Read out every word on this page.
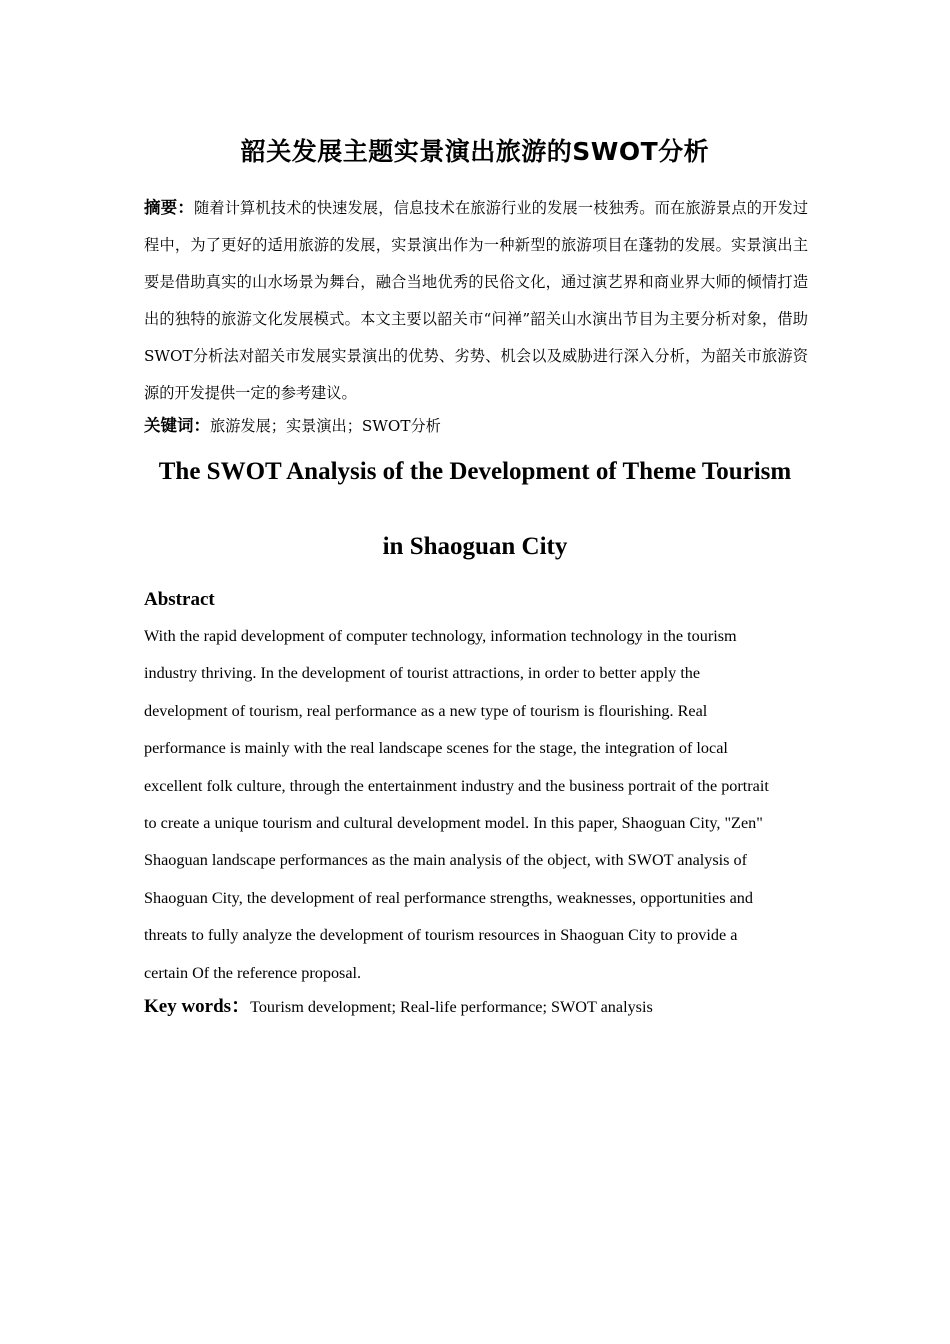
韶关发展主题实景演出旅游的SWOT分析
摘要：随着计算机技术的快速发展，信息技术在旅游行业的发展一枝独秀。而在旅游景点的开发过程中，为了更好的适用旅游的发展，实景演出作为一种新型的旅游项目在蓬勃的发展。实景演出主要是借助真实的山水场景为舞台，融合当地优秀的民俗文化，通过演艺界和商业界大师的倾情打造出的独特的旅游文化发展模式。本文主要以韶关市“问禅”韶关山水演出节目为主要分析对象，借助SWOT分析法对韶关市发展实景演出的优势、劣势、机会以及威胁进行深入分析，为韶关市旅游资源的开发提供一定的参考建议。
关键词：旅游发展；实景演出；SWOT分析
The SWOT Analysis of the Development of Theme Tourism
in Shaoguan City
Abstract
With the rapid development of computer technology, information technology in the tourism
industry thriving. In the development of tourist attractions, in order to better apply the
development of tourism, real performance as a new type of tourism is flourishing. Real
performance is mainly with the real landscape scenes for the stage, the integration of local
excellent folk culture, through the entertainment industry and the business portrait of the portrait
to create a unique tourism and cultural development model. In this paper, Shaoguan City, "Zen"
Shaoguan landscape performances as the main analysis of the object, with SWOT analysis of
Shaoguan City, the development of real performance strengths, weaknesses, opportunities and
threats to fully analyze the development of tourism resources in Shaoguan City to provide a
certain Of the reference proposal.
Key words：Tourism development; Real-life performance; SWOT analysis
